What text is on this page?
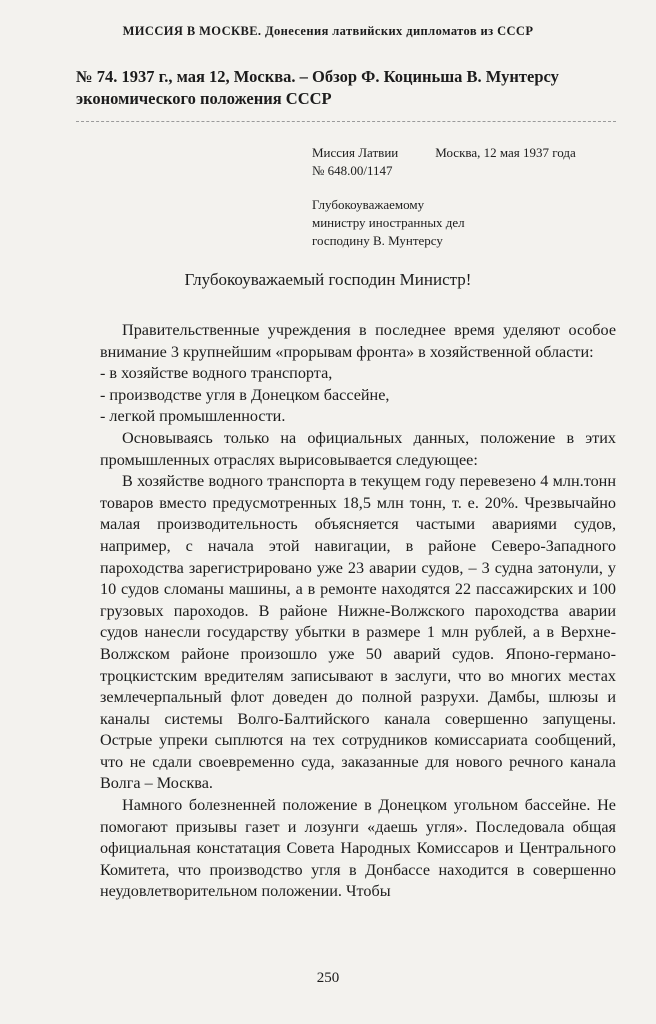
МИССИЯ В МОСКВЕ. Донесения латвийских дипломатов из СССР
№ 74. 1937 г., мая 12, Москва. – Обзор Ф. Коциньша В. Мунтерсу экономического положения СССР
Миссия Латвии	Москва, 12 мая 1937 года
№ 648.00/1147
Глубокоуважаемому
министру иностранных дел
господину В. Мунтерсу
Глубокоуважаемый господин Министр!

Правительственные учреждения в последнее время уделяют особое внимание 3 крупнейшим «прорывам фронта» в хозяйственной области:

- в хозяйстве водного транспорта,

- производстве угля в Донецком бассейне,

- легкой промышленности.

Основываясь только на официальных данных, положение в этих промышленных отраслях вырисовывается следующее:

В хозяйстве водного транспорта в текущем году перевезено 4 млн.тонн товаров вместо предусмотренных 18,5 млн тонн, т. е. 20%. Чрезвычайно малая производительность объясняется частыми авариями судов, например, с начала этой навигации, в районе Северо-Западного пароходства зарегистрировано уже 23 аварии судов, – 3 судна затонули, у 10 судов сломаны машины, а в ремонте находятся 22 пассажирских и 100 грузовых пароходов. В районе Нижне-Волжского пароходства аварии судов нанесли государству убытки в размере 1 млн рублей, а в Верхне-Волжском районе произошло уже 50 аварий судов. Японо-германо-троцкистским вредителям записывают в заслуги, что во многих местах землечерпальный флот доведен до полной разрухи. Дамбы, шлюзы и каналы системы Волго-Балтийского канала совершенно запущены. Острые упреки сыплются на тех сотрудников комиссариата сообщений, что не сдали своевременно суда, заказанные для нового речного канала Волга – Москва.

Намного болезненней положение в Донецком угольном бассейне. Не помогают призывы газет и лозунги «даешь угля». Последовала общая официальная констатация Совета Народных Комиссаров и Центрального Комитета, что производство угля в Донбассе находится в совершенно неудовлетворительном положении. Чтобы

250
